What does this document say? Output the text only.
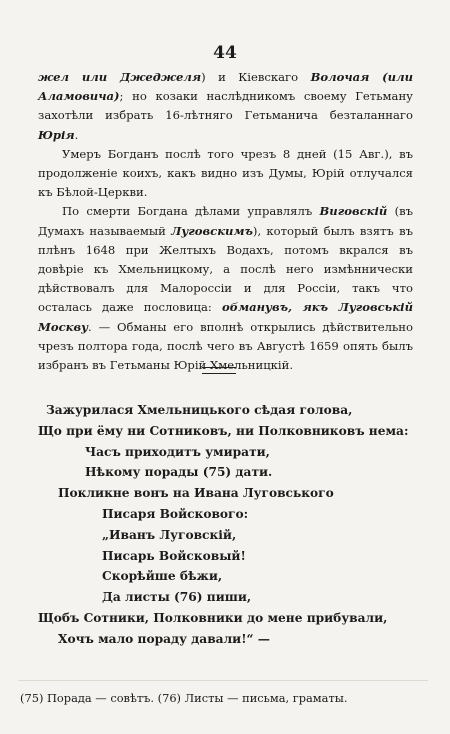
44

жел или Джеджеля) и Кіевскаго Волочая (или Аламовича); но козаки наслѣдникомъ своему Гетьману захотѣли избрать 16-лѣтняго Гетьманича безталаннаго Юрія.

Умеръ Богданъ послѣ того чрезъ 8 дней (15 Авг.), въ продолженіе коихъ, какъ видно изъ Думы, Юрій отлучался къ Бѣлой-Церкви.

По смерти Богдана дѣлами управлялъ Виговскій (въ Думахъ называемый Луговскимъ), который былъ взятъ въ плѣнъ 1648 при Желтыхъ Водахъ, потомъ вкрался въ довѣріе къ Хмельницкому, а послѣ него измѣннически дѣйствовалъ для Малороссіи и для Россіи, такъ что осталась даже пословица: обманувъ, якъ Луговській Москву. — Обманы его вполнѣ открылись дѣйствительно чрезъ полтора года, послѣ чего въ Августѣ 1659 опять былъ избранъ въ Гетьманы Юрій Хмельницкій.

Зажурилася Хмельницького сѣдая голова,
Що при ёму ни Сотниковъ, ни Полковниковъ нема:
Часъ приходитъ умирати,
Нѣкому порады (75) дати.
Покликне вонъ на Ивана Луговського
Писаря Войскового:
„Иванъ Луговскій,
Писарь Войсковый!
Скорѣйше бѣжи,
Да листы (76) пиши,
Щобъ Сотники, Полковники до мене прибували,
Хочъ мало пораду давали!“ —
(75) Порада — совѣтъ. (76) Листы — письма, граматы.
